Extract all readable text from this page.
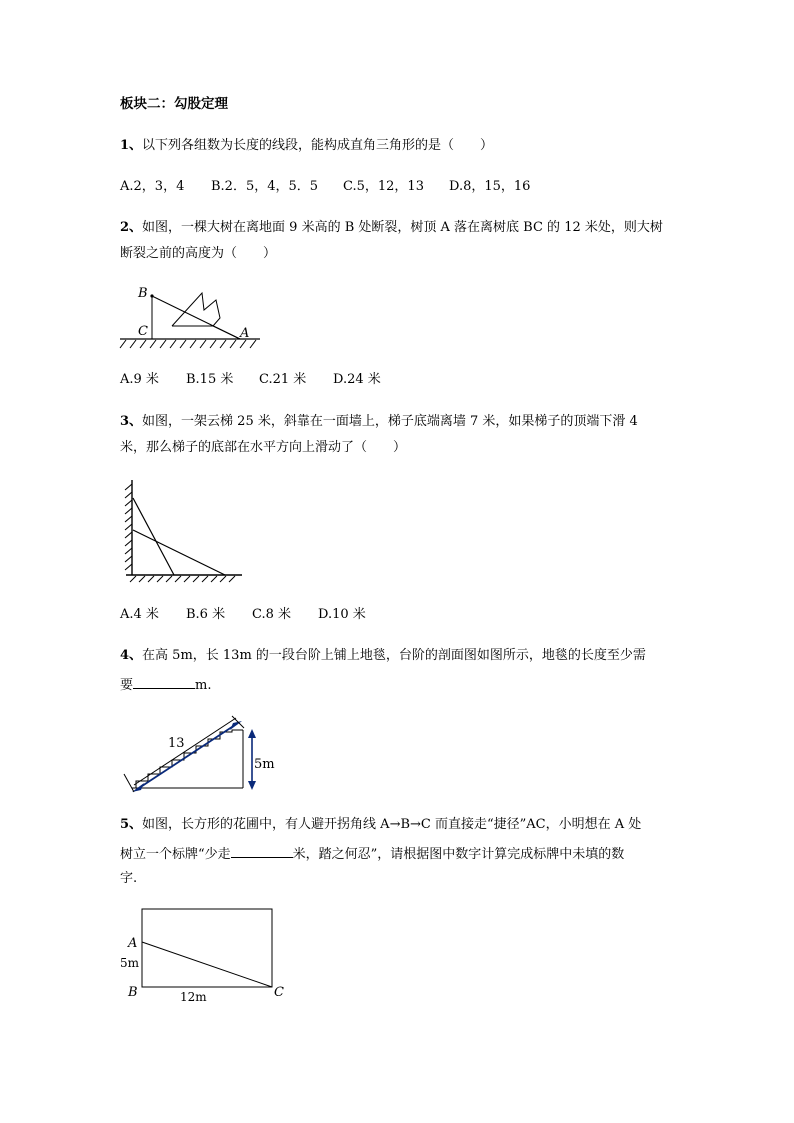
板块二：勾股定理
1、以下列各组数为长度的线段，能构成直角三角形的是（　　）
A.2，3，4 B.2．5，4，5．5 C.5，12，13 D.8，15，16
2、如图，一棵大树在离地面 9 米高的 B 处断裂，树顶 A 落在离树底 BC 的 12 米处，则大树
断裂之前的高度为（　　）
B
C	A
A.9 米 B.15 米 C.21 米 D.24 米
3、如图，一架云梯 25 米，斜靠在一面墙上，梯子底端离墙 7 米，如果梯子的顶端下滑 4
米，那么梯子的底部在水平方向上滑动了（　　）
A.4 米 B.6 米 C.8 米 D.10 米
4、在高 5m，长 13m 的一段台阶上铺上地毯，台阶的剖面图如图所示，地毯的长度至少需
要	m.
13
5m
5、如图，长方形的花圃中，有人避开拐角线 A→B→C 而直接走“捷径”AC，小明想在 A 处
树立一个标牌“少走	米，踏之何忍”，请根据图中数字计算完成标牌中未填的数
字.
A
5m
B	12m	C
